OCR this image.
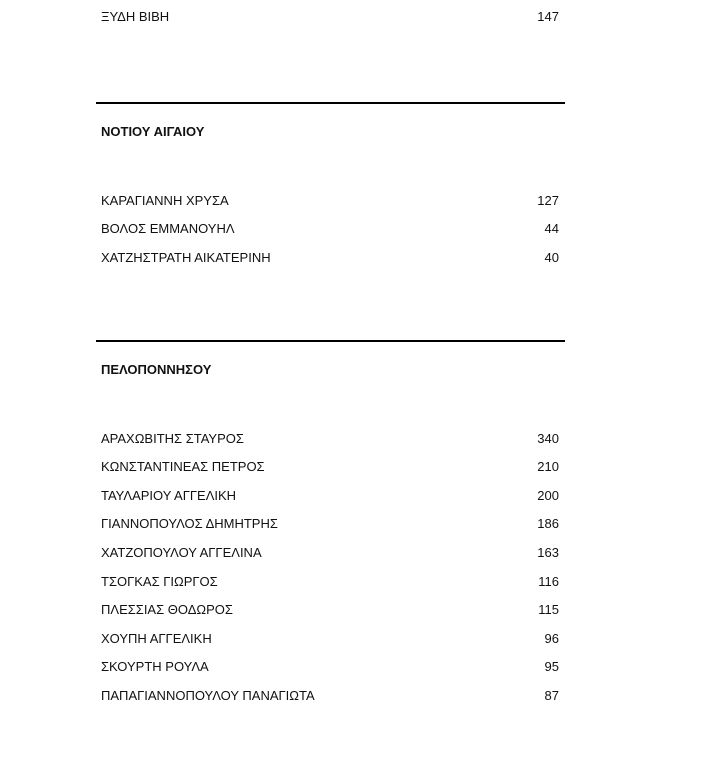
ΞΥΔΗ ΒΙΒΗ	147
ΝΟΤΙΟΥ ΑΙΓΑΙΟΥ
ΚΑΡΑΓΙΑΝΝΗ ΧΡΥΣΑ	127
ΒΟΛΟΣ ΕΜΜΑΝΟΥΗΛ	44
ΧΑΤΖΗΣΤΡΑΤΗ ΑΙΚΑΤΕΡΙΝΗ	40
ΠΕΛΟΠΟΝΝΗΣΟΥ
ΑΡΑΧΩΒΙΤΗΣ ΣΤΑΥΡΟΣ	340
ΚΩΝΣΤΑΝΤΙΝΕΑΣ ΠΕΤΡΟΣ	210
ΤΑΥΛΑΡΙΟΥ ΑΓΓΕΛΙΚΗ	200
ΓΙΑΝΝΟΠΟΥΛΟΣ ΔΗΜΗΤΡΗΣ	186
ΧΑΤΖΟΠΟΥΛΟΥ ΑΓΓΕΛΙΝΑ	163
ΤΣΟΓΚΑΣ ΓΙΩΡΓΟΣ	116
ΠΛΕΣΣΙΑΣ ΘΟΔΩΡΟΣ	115
ΧΟΥΠΗ ΑΓΓΕΛΙΚΗ	96
ΣΚΟΥΡΤΗ ΡΟΥΛΑ	95
ΠΑΠΑΓΙΑΝΝΟΠΟΥΛΟΥ ΠΑΝΑΓΙΩΤΑ	87
